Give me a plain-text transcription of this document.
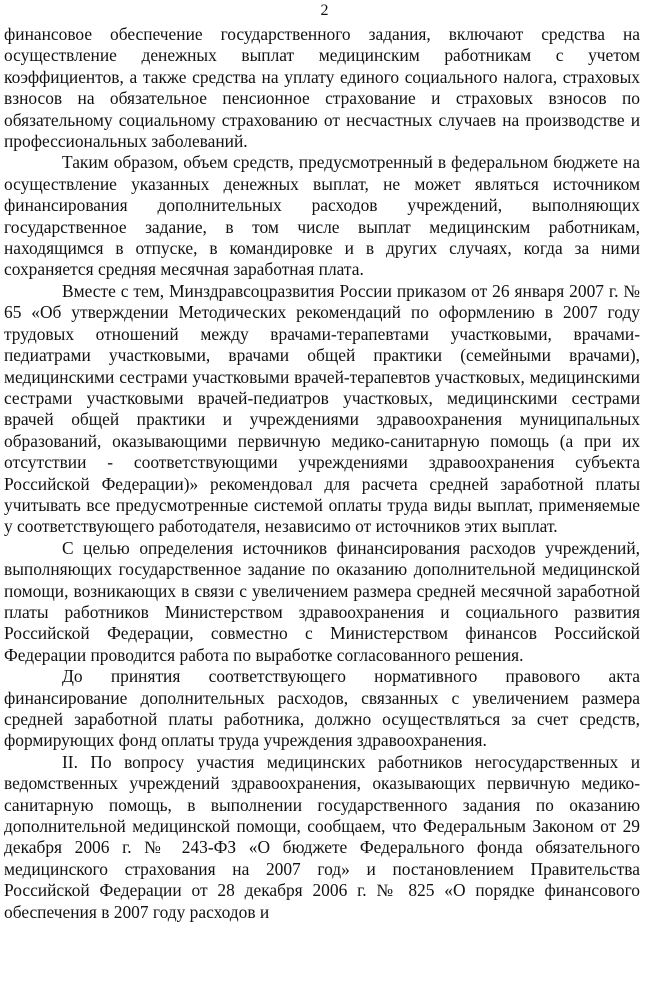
2

финансовое обеспечение государственного задания, включают средства на осуществление денежных выплат медицинским работникам с учетом коэффициентов, а также средства на уплату единого социального налога, страховых взносов на обязательное пенсионное страхование и страховых взносов по обязательному социальному страхованию от несчастных случаев на производстве и профессиональных заболеваний.

Таким образом, объем средств, предусмотренный в федеральном бюджете на осуществление указанных денежных выплат, не может являться источником финансирования дополнительных расходов учреждений, выполняющих государственное задание, в том числе выплат медицинским работникам, находящимся в отпуске, в командировке и в других случаях, когда за ними сохраняется средняя месячная заработная плата.

Вместе с тем, Минздравсоцразвития России приказом от 26 января 2007 г. № 65 «Об утверждении Методических рекомендаций по оформлению в 2007 году трудовых отношений между врачами-терапевтами участковыми, врачами-педиатрами участковыми, врачами общей практики (семейными врачами), медицинскими сестрами участковыми врачей-терапевтов участковых, медицинскими сестрами участковыми врачей-педиатров участковых, медицинскими сестрами врачей общей практики и учреждениями здравоохранения муниципальных образований, оказывающими первичную медико-санитарную помощь (а при их отсутствии - соответствующими учреждениями здравоохранения субъекта Российской Федерации)» рекомендовал для расчета средней заработной платы учитывать все предусмотренные системой оплаты труда виды выплат, применяемые у соответствующего работодателя, независимо от источников этих выплат.

С целью определения источников финансирования расходов учреждений, выполняющих государственное задание по оказанию дополнительной медицинской помощи, возникающих в связи с увеличением размера средней месячной заработной платы работников Министерством здравоохранения и социального развития Российской Федерации, совместно с Министерством финансов Российской Федерации проводится работа по выработке согласованного решения.

До принятия соответствующего нормативного правового акта финансирование дополнительных расходов, связанных с увеличением размера средней заработной платы работника, должно осуществляться за счет средств, формирующих фонд оплаты труда учреждения здравоохранения.

II. По вопросу участия медицинских работников негосударственных и ведомственных учреждений здравоохранения, оказывающих первичную медико-санитарную помощь, в выполнении государственного задания по оказанию дополнительной медицинской помощи, сообщаем, что Федеральным Законом от 29 декабря 2006 г. № 243-ФЗ «О бюджете Федерального фонда обязательного медицинского страхования на 2007 год» и постановлением Правительства Российской Федерации от 28 декабря 2006 г. № 825 «О порядке финансового обеспечения в 2007 году расходов и
